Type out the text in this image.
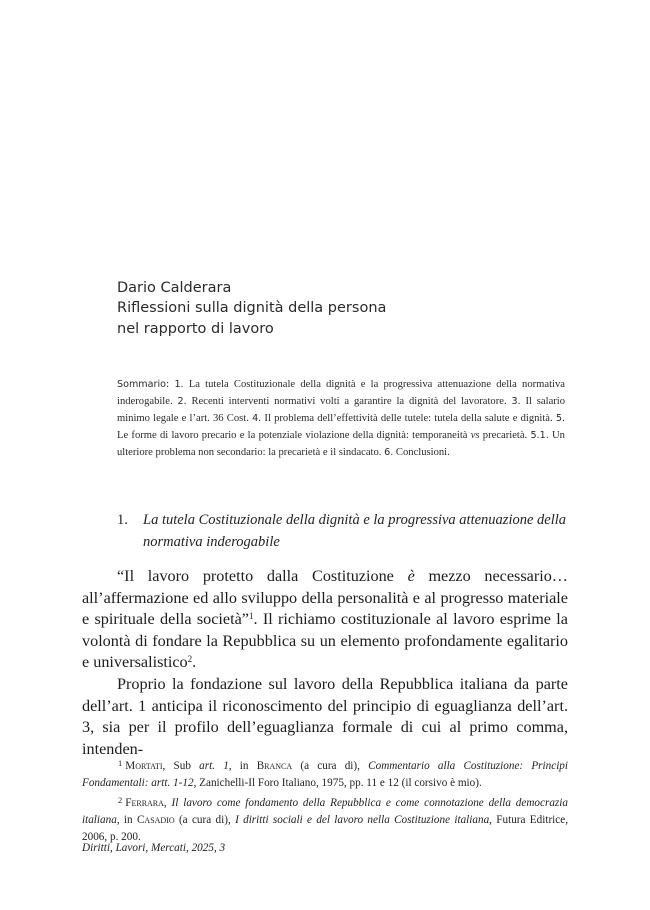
Dario Calderara
Riflessioni sulla dignità della persona
nel rapporto di lavoro
Sommario: 1. La tutela Costituzionale della dignità e la progressiva attenuazione della normativa inderogabile. 2. Recenti interventi normativi volti a garantire la dignità del lavoratore. 3. Il salario minimo legale e l’art. 36 Cost. 4. Il problema dell’effettività delle tutele: tutela della salute e dignità. 5. Le forme di lavoro precario e la potenziale violazione della dignità: temporaneità vs precarietà. 5.1. Un ulteriore problema non secondario: la precarietà e il sindacato. 6. Conclusioni.
1.	La tutela Costituzionale della dignità e la progressiva attenuazione della normativa inderogabile

“Il lavoro protetto dalla Costituzione è mezzo necessario… all’affermazione ed allo sviluppo della personalità e al progresso materiale e spirituale della società”$^1$. Il richiamo costituzionale al lavoro esprime la volontà di fondare la Repubblica su un elemento profondamente egalitario e universalistico$^2$.

Proprio la fondazione sul lavoro della Repubblica italiana da parte dell’art. 1 anticipa il riconoscimento del principio di eguaglianza dell’art. 3, sia per il profilo dell’eguaglianza formale di cui al primo comma, intenden-

$^1$ Mortati, Sub art. 1, in Branca (a cura di), Commentario alla Costituzione: Principi Fondamentali: artt. 1-12, Zanichelli-Il Foro Italiano, 1975, pp. 11 e 12 (il corsivo è mio).

$^2$ Ferrara, Il lavoro come fondamento della Repubblica e come connotazione della democrazia italiana, in Casadio (a cura di), I diritti sociali e del lavoro nella Costituzione italiana, Futura Editrice, 2006, p. 200.

Diritti, Lavori, Mercati, 2025, 3
